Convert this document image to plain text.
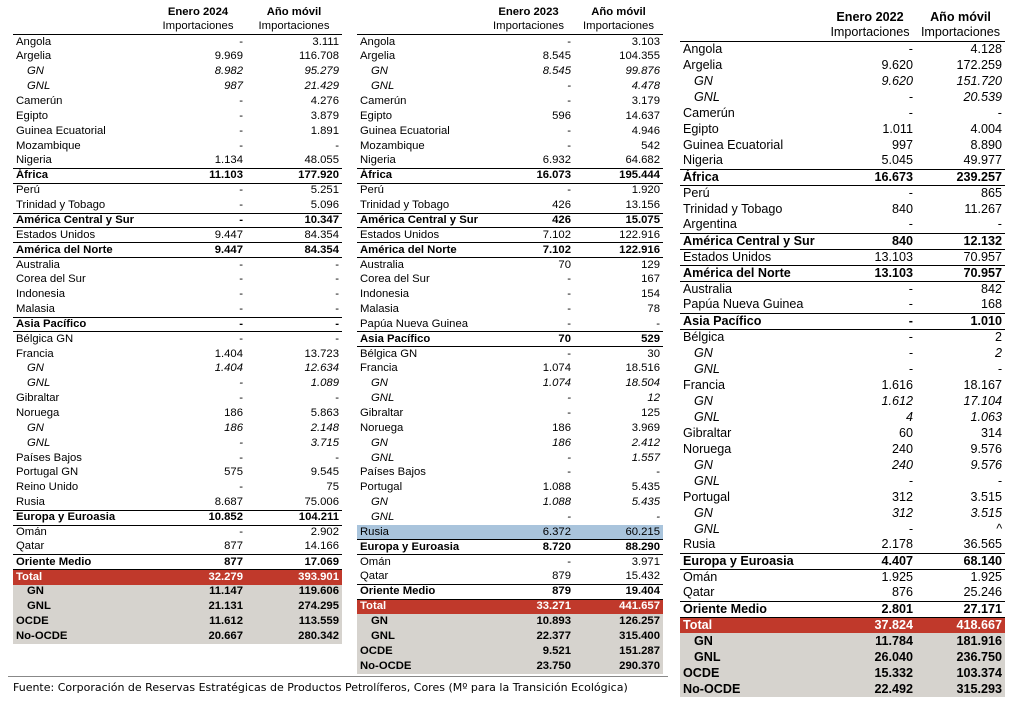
	Enero 2024	Año móvil
	Importaciones	Importaciones
Angola	-	3.111
Argelia	9.969	116.708
GN	8.982	95.279
GNL	987	21.429
Camerún	-	4.276
Egipto	-	3.879
Guinea Ecuatorial	-	1.891
Mozambique	-	-
Nigeria	1.134	48.055
África	11.103	177.920
Perú	-	5.251
Trinidad y Tobago	-	5.096
América Central y Sur	-	10.347
Estados Unidos	9.447	84.354
América del Norte	9.447	84.354
Australia	-	-
Corea del Sur	-	-
Indonesia	-	-
Malasia	-	-
Asia Pacífico	-	-
Bélgica GN	-	-
Francia	1.404	13.723
GN	1.404	12.634
GNL	-	1.089
Gibraltar	-	-
Noruega	186	5.863
GN	186	2.148
GNL	-	3.715
Países Bajos	-	-
Portugal GN	575	9.545
Reino Unido	-	75
Rusia	8.687	75.006
Europa y Euroasia	10.852	104.211
Omán	-	2.902
Qatar	877	14.166
Oriente Medio	877	17.069
Total	32.279	393.901
GN	11.147	119.606
GNL	21.131	274.295
OCDE	11.612	113.559
No-OCDE	20.667	280.342
	Enero 2023	Año móvil
	Importaciones	Importaciones
Angola	-	3.103
Argelia	8.545	104.355
GN	8.545	99.876
GNL	-	4.478
Camerún	-	3.179
Egipto	596	14.637
Guinea Ecuatorial	-	4.946
Mozambique	-	542
Nigeria	6.932	64.682
África	16.073	195.444
Perú	-	1.920
Trinidad y Tobago	426	13.156
América Central y Sur	426	15.075
Estados Unidos	7.102	122.916
América del Norte	7.102	122.916
Australia	70	129
Corea del Sur	-	167
Indonesia	-	154
Malasia	-	78
Papúa Nueva Guinea	-	-
Asia Pacífico	70	529
Bélgica GN	-	30
Francia	1.074	18.516
GN	1.074	18.504
GNL	-	12
Gibraltar	-	125
Noruega	186	3.969
GN	186	2.412
GNL	-	1.557
Países Bajos	-	-
Portugal	1.088	5.435
GN	1.088	5.435
GNL	-	-
Rusia	6.372	60.215
Europa y Euroasia	8.720	88.290
Omán	-	3.971
Qatar	879	15.432
Oriente Medio	879	19.404
Total	33.271	441.657
GN	10.893	126.257
GNL	22.377	315.400
OCDE	9.521	151.287
No-OCDE	23.750	290.370
	Enero 2022	Año móvil
	Importaciones	Importaciones
Angola	-	4.128
Argelia	9.620	172.259
GN	9.620	151.720
GNL	-	20.539
Camerún	-	-
Egipto	1.011	4.004
Guinea Ecuatorial	997	8.890
Nigeria	5.045	49.977
África	16.673	239.257
Perú	-	865
Trinidad y Tobago	840	11.267
Argentina	-	-
América Central y Sur	840	12.132
Estados Unidos	13.103	70.957
América del Norte	13.103	70.957
Australia	-	842
Papúa Nueva Guinea	-	168
Asia Pacífico	-	1.010
Bélgica	-	2
GN	-	2
GNL	-	-
Francia	1.616	18.167
GN	1.612	17.104
GNL	4	1.063
Gibraltar	60	314
Noruega	240	9.576
GN	240	9.576
GNL	-	-
Portugal	312	3.515
GN	312	3.515
GNL	-	^
Rusia	2.178	36.565
Europa y Euroasia	4.407	68.140
Omán	1.925	1.925
Qatar	876	25.246
Oriente Medio	2.801	27.171
Total	37.824	418.667
GN	11.784	181.916
GNL	26.040	236.750
OCDE	15.332	103.374
No-OCDE	22.492	315.293
Fuente: Corporación de Reservas Estratégicas de Productos Petrolíferos, Cores (Mº para la Transición Ecológica)
